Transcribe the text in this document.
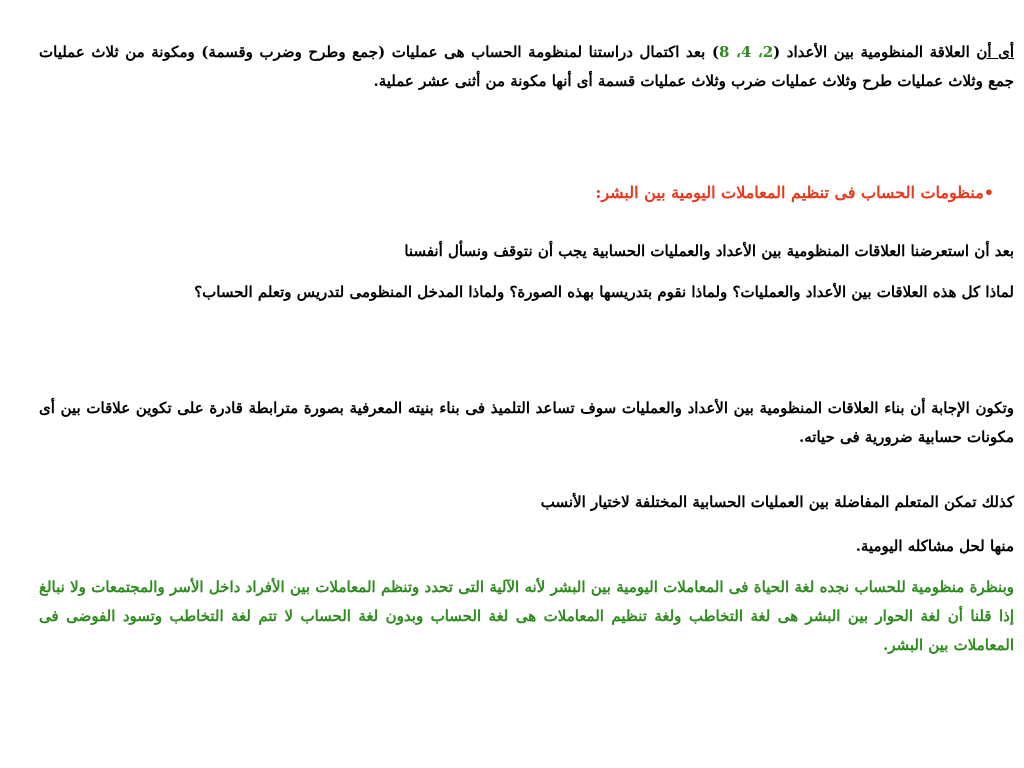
أى أن العلاقة المنظومية بين الأعداد (2، 4، 8) بعد اكتمال دراستنا لمنظومة الحساب هى عمليات (جمع وطرح وضرب وقسمة) ومكونة من ثلاث عمليات جمع وثلاث عمليات طرح وثلاث عمليات ضرب وثلاث عمليات قسمة أى أنها مكونة من أثنى عشر عملية.

•منظومات الحساب فى تنظيم المعاملات اليومية بين البشر:

بعد أن استعرضنا العلاقات المنظومية بين الأعداد والعمليات الحسابية يجب أن نتوقف ونسأل أنفسنا

لماذا كل هذه العلاقات بين الأعداد والعمليات؟ ولماذا نقوم بتدريسها بهذه الصورة؟ ولماذا المدخل المنظومى لتدريس وتعلم الحساب؟

وتكون الإجابة أن بناء العلاقات المنظومية بين الأعداد والعمليات سوف تساعد التلميذ فى بناء بنيته المعرفية بصورة مترابطة قادرة على تكوين علاقات بين أى مكونات حسابية ضرورية فى حياته.

كذلك تمكن المتعلم المفاضلة بين العمليات الحسابية المختلفة لاختيار الأنسب

منها لحل مشاكله اليومية.

وبنظرة منظومية للحساب نجده لغة الحياة فى المعاملات اليومية بين البشر لأنه الآلية التى تحدد وتنظم المعاملات بين الأفراد داخل الأسر والمجتمعات ولا نبالغ إذا قلنا أن لغة الحوار بين البشر هى لغة التخاطب ولغة تنظيم المعاملات هى لغة الحساب وبدون لغة الحساب لا تتم لغة التخاطب وتسود الفوضى فى المعاملات بين البشر.
